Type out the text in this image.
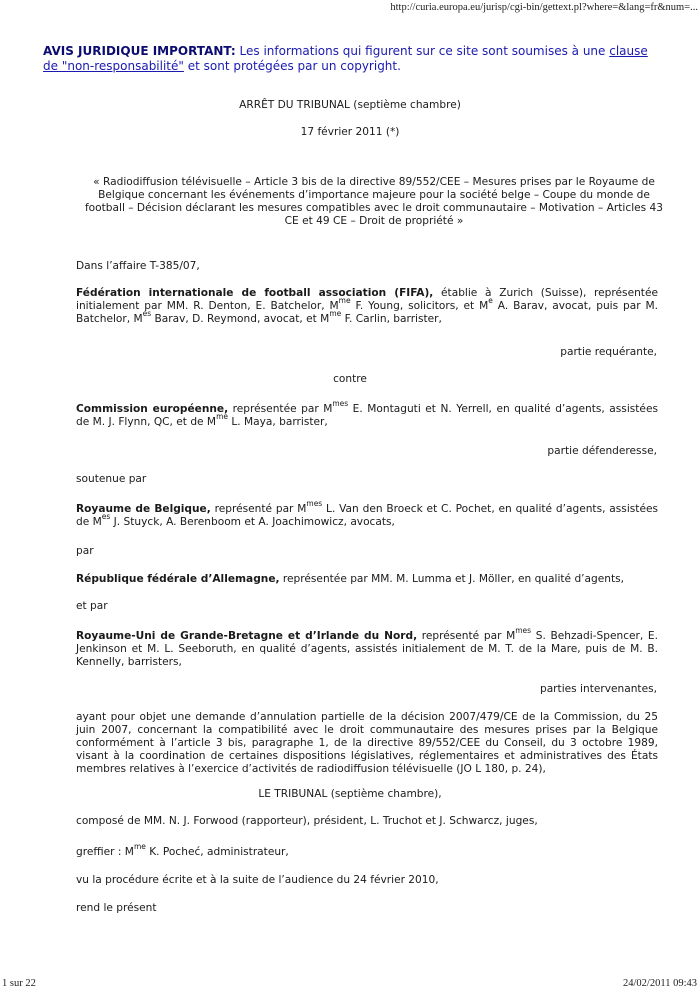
http://curia.europa.eu/jurisp/cgi-bin/gettext.pl?where=&lang=fr&num=...
AVIS JURIDIQUE IMPORTANT: Les informations qui figurent sur ce site sont soumises à une clause de "non-responsabilité" et sont protégées par un copyright.
ARRÊT DU TRIBUNAL (septième chambre)
17 février 2011 (*)
« Radiodiffusion télévisuelle – Article 3 bis de la directive 89/552/CEE – Mesures prises par le Royaume de Belgique concernant les événements d’importance majeure pour la société belge – Coupe du monde de football – Décision déclarant les mesures compatibles avec le droit communautaire – Motivation – Articles 43 CE et 49 CE – Droit de propriété »
Dans l’affaire T-385/07,
Fédération internationale de football association (FIFA), établie à Zurich (Suisse), représentée initialement par MM. R. Denton, E. Batchelor, $M^{me}$ F. Young, solicitors, et Me A. Barav, avocat, puis par M. Batchelor, $M^{es}$ Barav, D. Reymond, avocat, et $M^{me}$ F. Carlin, barrister,
partie requérante,
contre
Commission européenne, représentée par $M^{mes}$ E. Montaguti et N. Yerrell, en qualité d’agents, assistées de M. J. Flynn, QC, et de $M^{me}$ L. Maya, barrister,
partie défenderesse,
soutenue par
Royaume de Belgique, représenté par $M^{mes}$ L. Van den Broeck et C. Pochet, en qualité d’agents, assistées de $M^{es}$ J. Stuyck, A. Berenboom et A. Joachimowicz, avocats,
par
République fédérale d’Allemagne, représentée par MM. M. Lumma et J. Möller, en qualité d’agents,
et par
Royaume-Uni de Grande-Bretagne et d’Irlande du Nord, représenté par $M^{mes}$ S. Behzadi-Spencer, E. Jenkinson et M. L. Seeboruth, en qualité d’agents, assistés initialement de M. T. de la Mare, puis de M. B. Kennelly, barristers,
parties intervenantes,
ayant pour objet une demande d’annulation partielle de la décision 2007/479/CE de la Commission, du 25 juin 2007, concernant la compatibilité avec le droit communautaire des mesures prises par la Belgique conformément à l’article 3 bis, paragraphe 1, de la directive 89/552/CEE du Conseil, du 3 octobre 1989, visant à la coordination de certaines dispositions législatives, réglementaires et administratives des États membres relatives à l’exercice d’activités de radiodiffusion télévisuelle (JO L 180, p. 24),
LE TRIBUNAL (septième chambre),
composé de MM. N. J. Forwood (rapporteur), président, L. Truchot et J. Schwarcz, juges,
greffier : $M^{me}$ K. Pocheć, administrateur,
vu la procédure écrite et à la suite de l’audience du 24 février 2010,
rend le présent
1 sur 22	24/02/2011 09:43
